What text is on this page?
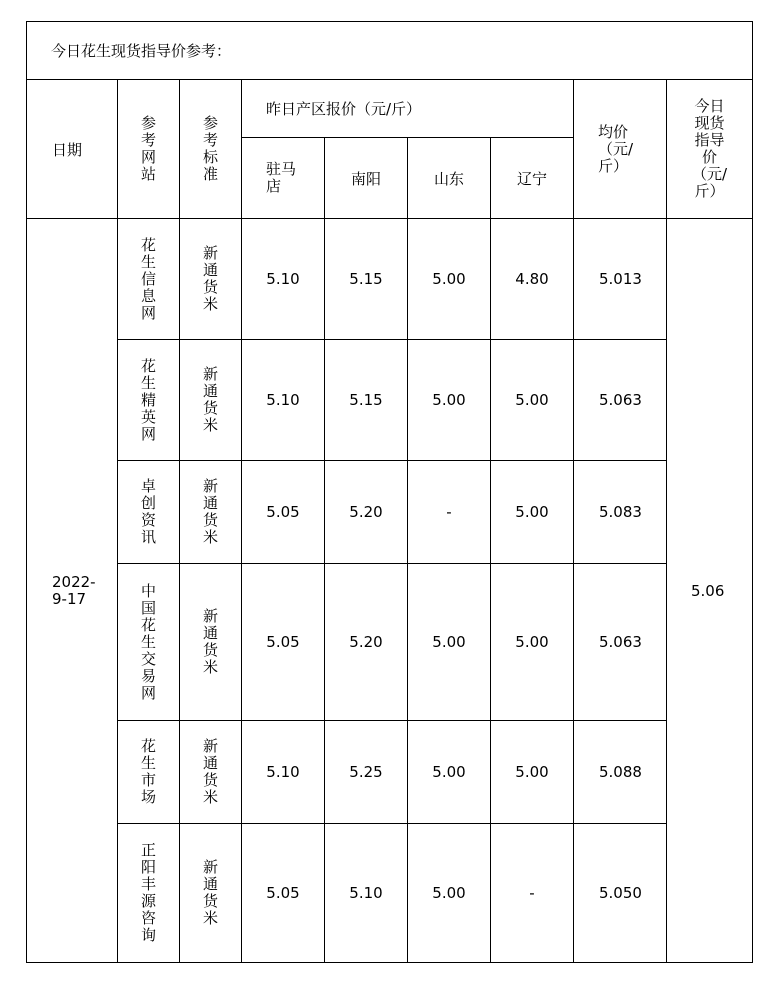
今日花生现货指导价参考：								
日期	参考网站	参考标准	昨日产区报价（元/斤）				均价（元/斤）	今日现货指导价（元/斤）
			驻马店	南阳	山东	辽宁		
2022-9-17	花生信息网	新通货米	5.10	5.15	5.00	4.80	5.013	5.06
	花生精英网	新通货米	5.10	5.15	5.00	5.00	5.063	
	卓创资讯	新通货米	5.05	5.20	-	5.00	5.083	
	中国花生交易网	新通货米	5.05	5.20	5.00	5.00	5.063	
	花生市场	新通货米	5.10	5.25	5.00	5.00	5.088	
	正阳丰源咨询	新通货米	5.05	5.10	5.00	-	5.050	
